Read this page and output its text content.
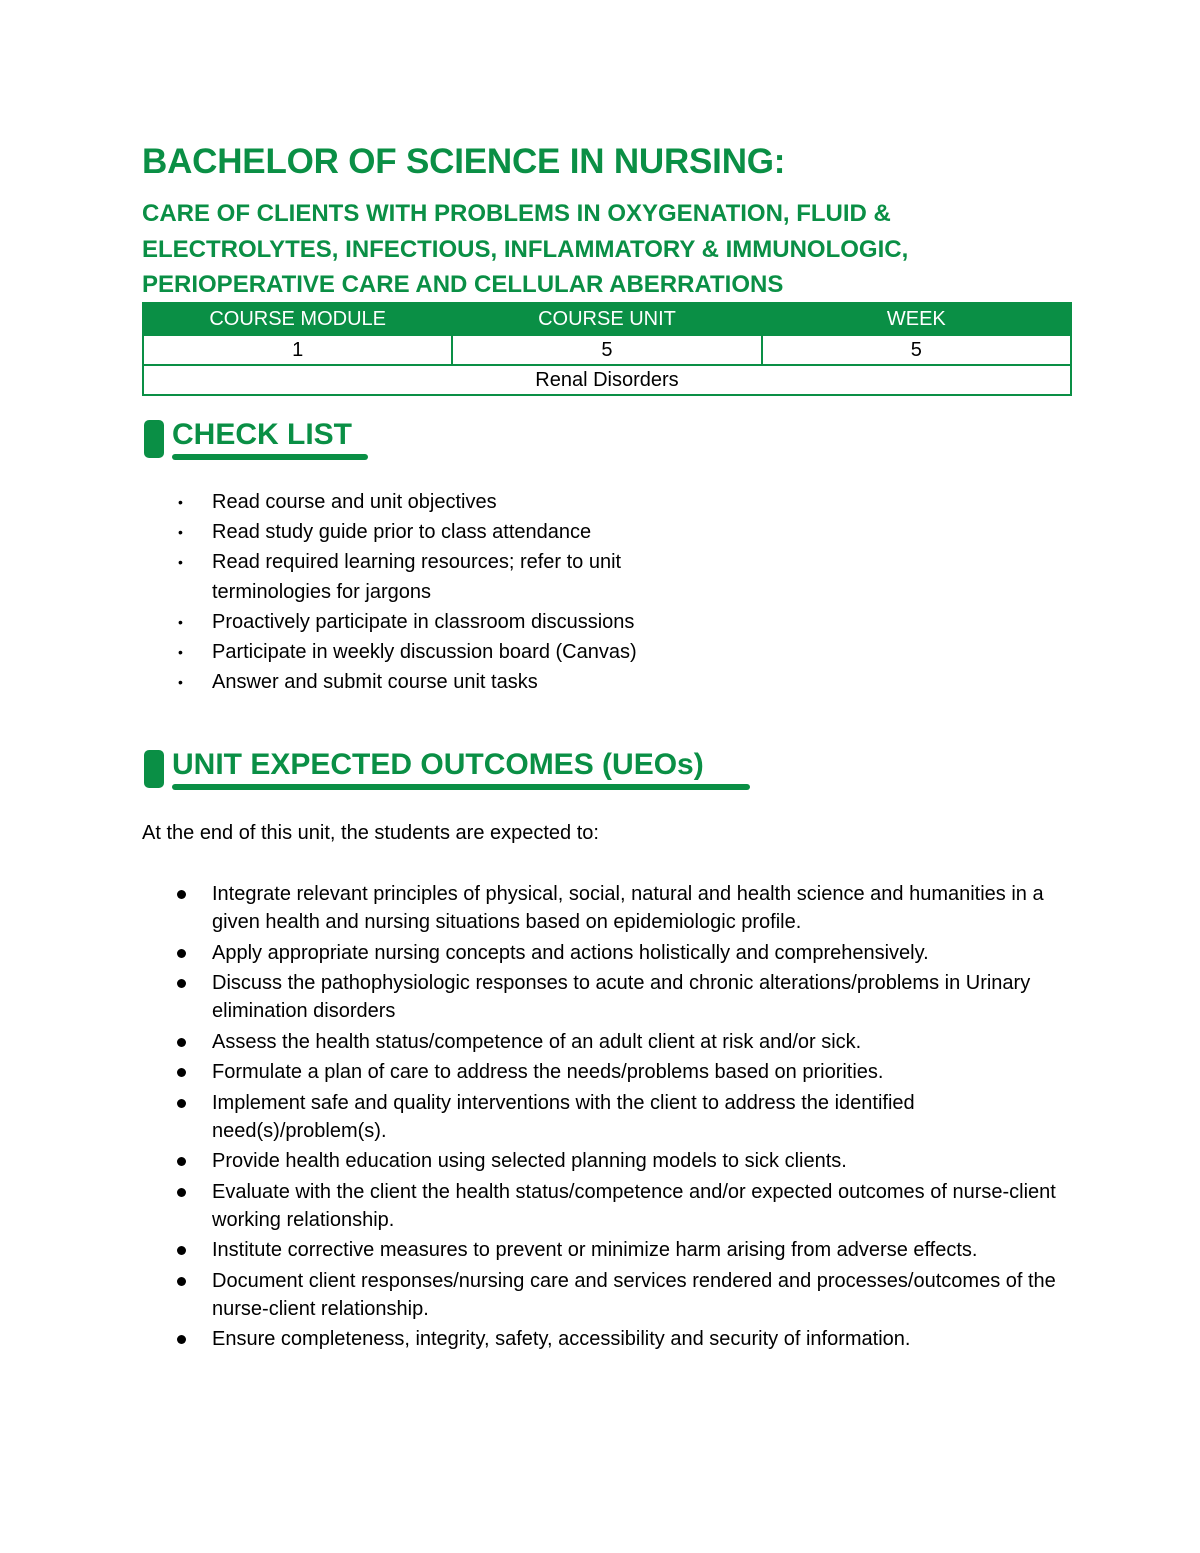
BACHELOR OF SCIENCE IN NURSING:
CARE OF CLIENTS WITH PROBLEMS IN OXYGENATION, FLUID & ELECTROLYTES, INFECTIOUS, INFLAMMATORY & IMMUNOLOGIC, PERIOPERATIVE CARE AND CELLULAR ABERRATIONS
COURSE MODULE	COURSE UNIT	WEEK
1	5	5
Renal Disorders		
CHECK LIST
• Read course and unit objectives
• Read study guide prior to class attendance
• Read required learning resources; refer to unit terminologies for jargons
• Proactively participate in classroom discussions
• Participate in weekly discussion board (Canvas)
• Answer and submit course unit tasks
UNIT EXPECTED OUTCOMES (UEOs)

At the end of this unit, the students are expected to:

Integrate relevant principles of physical, social, natural and health science and humanities in a given health and nursing situations based on epidemiologic profile.
Apply appropriate nursing concepts and actions holistically and comprehensively.
Discuss the pathophysiologic responses to acute and chronic alterations/problems in Urinary elimination disorders
Assess the health status/competence of an adult client at risk and/or sick.
Formulate a plan of care to address the needs/problems based on priorities.
Implement safe and quality interventions with the client to address the identified need(s)/problem(s).
Provide health education using selected planning models to sick clients.
Evaluate with the client the health status/competence and/or expected outcomes of nurse-client working relationship.
Institute corrective measures to prevent or minimize harm arising from adverse effects.
Document client responses/nursing care and services rendered and processes/outcomes of the nurse-client relationship.
Ensure completeness, integrity, safety, accessibility and security of information.
